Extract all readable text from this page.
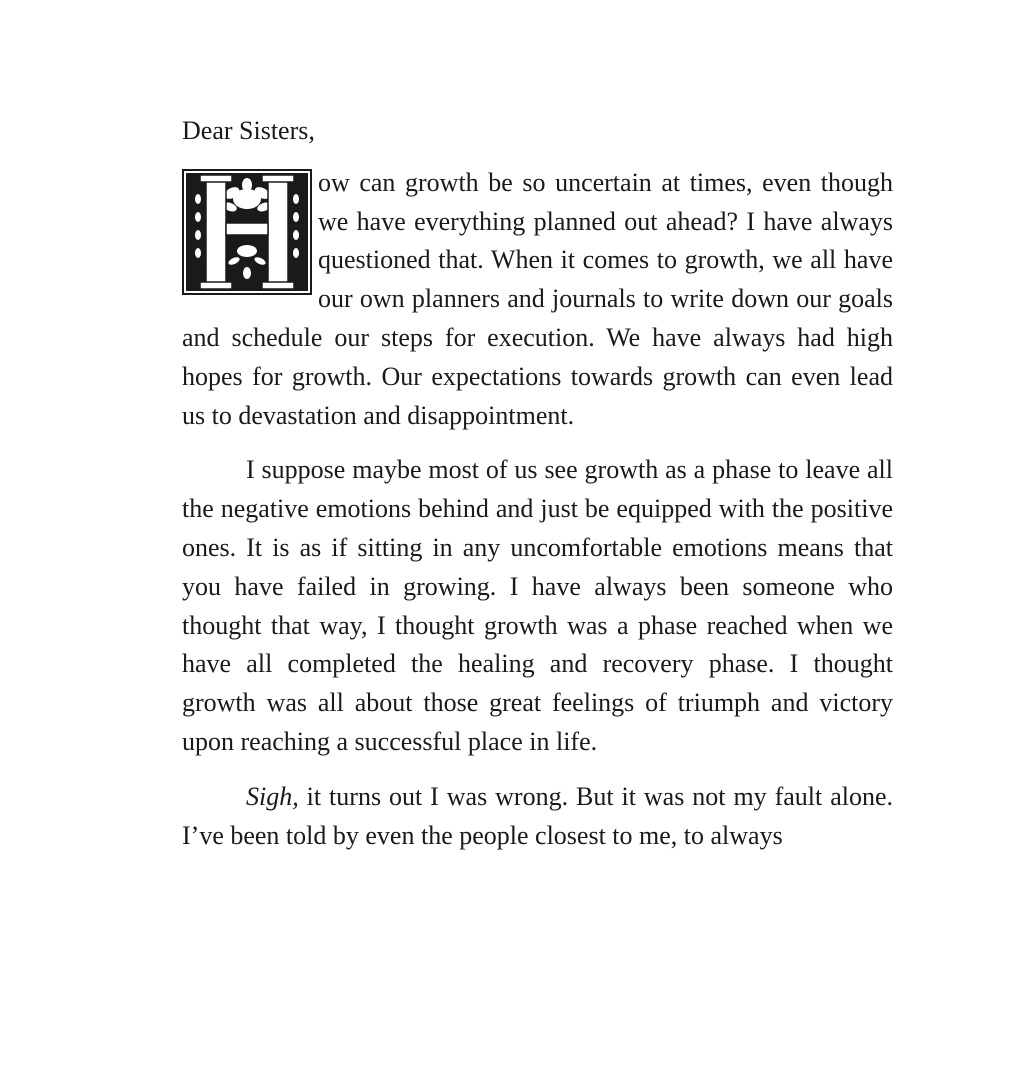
Dear Sisters,

ow can growth be so uncertain at times, even though we have everything planned out ahead? I have always questioned that. When it comes to growth, we all have our own planners and journals to write down our goals and schedule our steps for execution. We have always had high hopes for growth. Our expectations towards growth can even lead us to devastation and disappointment.

I suppose maybe most of us see growth as a phase to leave all the negative emotions behind and just be equipped with the positive ones. It is as if sitting in any uncomfortable emotions means that you have failed in growing. I have always been someone who thought that way, I thought growth was a phase reached when we have all completed the healing and recovery phase. I thought growth was all about those great feelings of triumph and victory upon reaching a successful place in life.

Sigh, it turns out I was wrong. But it was not my fault alone. I’ve been told by even the people closest to me, to always
